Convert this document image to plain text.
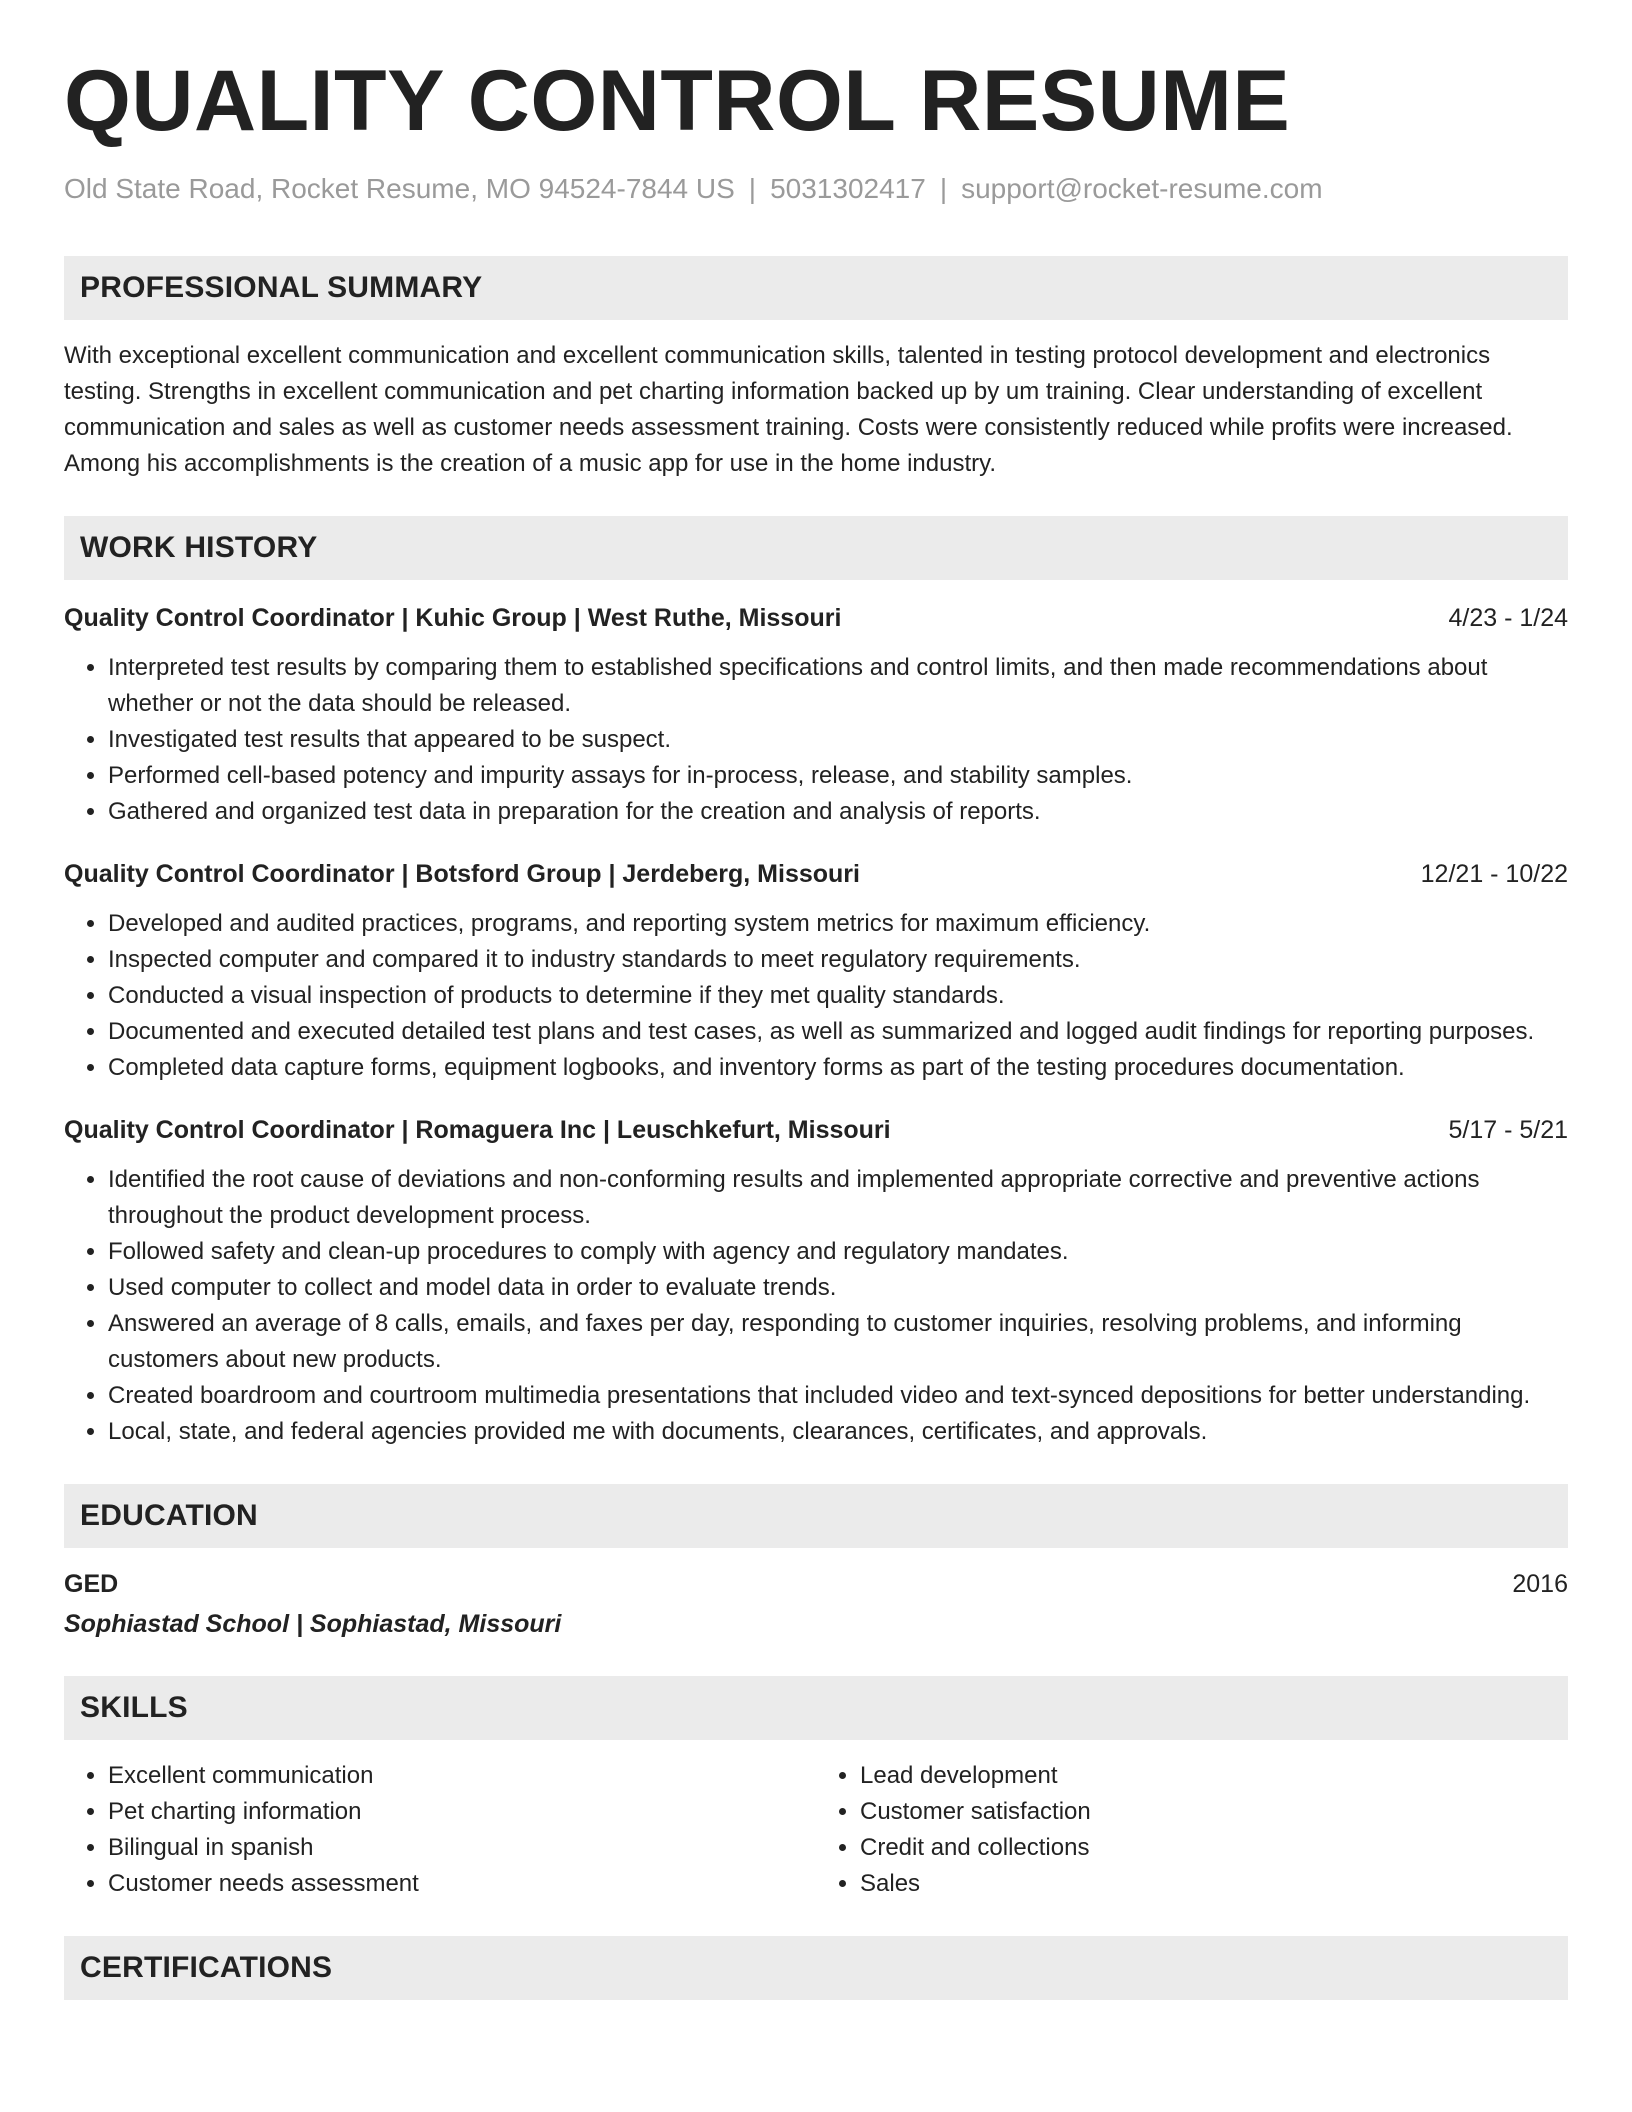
QUALITY CONTROL RESUME
Old State Road, Rocket Resume, MO 94524-7844 US | 5031302417 | support@rocket-resume.com
PROFESSIONAL SUMMARY
With exceptional excellent communication and excellent communication skills, talented in testing protocol development and electronics testing. Strengths in excellent communication and pet charting information backed up by um training. Clear understanding of excellent communication and sales as well as customer needs assessment training. Costs were consistently reduced while profits were increased. Among his accomplishments is the creation of a music app for use in the home industry.
WORK HISTORY
Quality Control Coordinator | Kuhic Group | West Ruthe, Missouri	4/23 - 1/24
• Interpreted test results by comparing them to established specifications and control limits, and then made recommendations about whether or not the data should be released.
• Investigated test results that appeared to be suspect.
• Performed cell-based potency and impurity assays for in-process, release, and stability samples.
• Gathered and organized test data in preparation for the creation and analysis of reports.
Quality Control Coordinator | Botsford Group | Jerdeberg, Missouri	12/21 - 10/22
• Developed and audited practices, programs, and reporting system metrics for maximum efficiency.
• Inspected computer and compared it to industry standards to meet regulatory requirements.
• Conducted a visual inspection of products to determine if they met quality standards.
• Documented and executed detailed test plans and test cases, as well as summarized and logged audit findings for reporting purposes.
• Completed data capture forms, equipment logbooks, and inventory forms as part of the testing procedures documentation.
Quality Control Coordinator | Romaguera Inc | Leuschkefurt, Missouri	5/17 - 5/21
• Identified the root cause of deviations and non-conforming results and implemented appropriate corrective and preventive actions throughout the product development process.
• Followed safety and clean-up procedures to comply with agency and regulatory mandates.
• Used computer to collect and model data in order to evaluate trends.
• Answered an average of 8 calls, emails, and faxes per day, responding to customer inquiries, resolving problems, and informing customers about new products.
• Created boardroom and courtroom multimedia presentations that included video and text-synced depositions for better understanding.
• Local, state, and federal agencies provided me with documents, clearances, certificates, and approvals.
EDUCATION
GED	2016
Sophiastad School | Sophiastad, Missouri
SKILLS
• Excellent communication
• Pet charting information
• Bilingual in spanish
• Customer needs assessment
• Lead development
• Customer satisfaction
• Credit and collections
• Sales
CERTIFICATIONS
